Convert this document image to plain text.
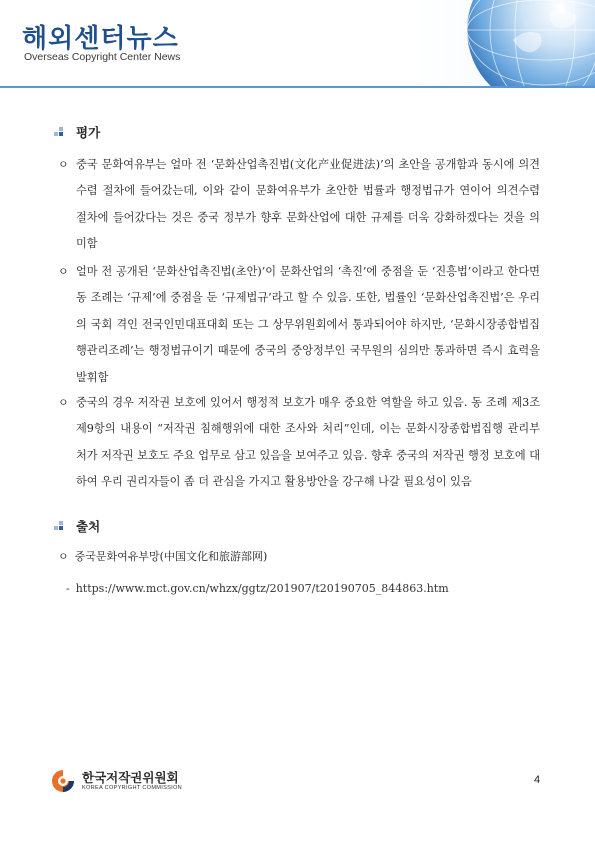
해외센터뉴스
Overseas Copyright Center News
평가
ㅇ 중국 문화여유부는 얼마 전 ‘문화산업촉진법(文化产业促进法)’의 초안을 공개함과 동시에 의견수렴 절차에 들어갔는데, 이와 같이 문화여유부가 초안한 법률과 행정법규가 연이어 의견수렴 절차에 들어갔다는 것은 중국 정부가 향후 문화산업에 대한 규제를 더욱 강화하겠다는 것을 의미함
ㅇ 얼마 전 공개된 ‘문화산업촉진법(초안)’이 문화산업의 ‘촉진’에 중점을 둔 ‘진흥법’이라고 한다면 동 조례는 ‘규제’에 중점을 둔 ‘규제법규’라고 할 수 있음. 또한, 법률인 ‘문화산업촉진법’은 우리의 국회 격인 전국인민대표대회 또는 그 상무위원회에서 통과되어야 하지만, ‘문화시장종합법집행관리조례’는 행정법규이기 때문에 중국의 중앙정부인 국무원의 심의만 통과하면 즉시 효력을 발휘함
ㅇ 중국의 경우 저작권 보호에 있어서 행정적 보호가 매우 중요한 역할을 하고 있음. 동 조례 제3조 제9항의 내용이 “저작권 침해행위에 대한 조사와 처리”인데, 이는 문화시장종합법집행 관리부처가 저작권 보호도 주요 업무로 삼고 있음을 보여주고 있음. 향후 중국의 저작권 행정 보호에 대하여 우리 권리자들이 좀 더 관심을 가지고 활용방안을 강구해 나갈 필요성이 있음
출처
ㅇ 중국문화여유부망(中国文化和旅游部网)
- https://www.mct.gov.cn/whzx/ggtz/201907/t20190705_844863.htm
한국저작권위원회
KOREA COPYRIGHT COMMISSION
4
